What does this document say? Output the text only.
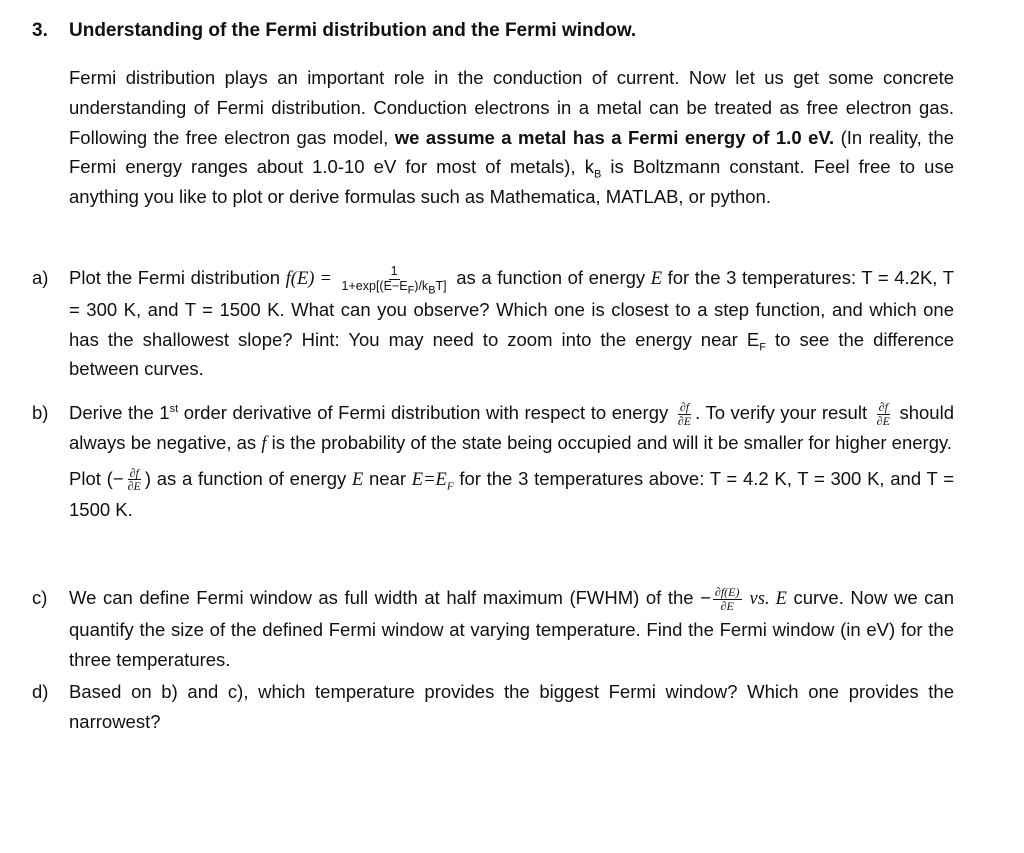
3. Understanding of the Fermi distribution and the Fermi window.
Fermi distribution plays an important role in the conduction of current. Now let us get some concrete understanding of Fermi distribution. Conduction electrons in a metal can be treated as free electron gas. Following the free electron gas model, we assume a metal has a Fermi energy of 1.0 eV. (In reality, the Fermi energy ranges about 1.0-10 eV for most of metals), $k_B$ is Boltzmann constant. Feel free to use anything you like to plot or derive formulas such as Mathematica, MATLAB, or python.
a) Plot the Fermi distribution $f(E) = \frac{1}{1+\exp[(E-E_F)/k_BT]}$ as a function of energy E for the 3 temperatures: T = 4.2K, T = 300 K, and T = 1500 K. What can you observe? Which one is closest to a step function, and which one has the shallowest slope? Hint: You may need to zoom into the energy near $E_F$ to see the difference between curves.
b) Derive the 1st order derivative of Fermi distribution with respect to energy $\frac{\partial f}{\partial E}$ . To verify your result $\frac{\partial f}{\partial E}$ should always be negative, as f is the probability of the state being occupied and will it be smaller for higher energy.
Plot (− $\frac{\partial f}{\partial E}$ ) as a function of energy E near $E=E_F$ for the 3 temperatures above: T = 4.2 K, T = 300 K, and T = 1500 K.
c) We can define Fermi window as full width at half maximum (FWHM) of the − $\frac{\partial f(E)}{\partial E}$ vs. E curve. Now we can quantify the size of the defined Fermi window at varying temperature. Find the Fermi window (in eV) for the three temperatures.
d) Based on b) and c), which temperature provides the biggest Fermi window? Which one provides the narrowest?
